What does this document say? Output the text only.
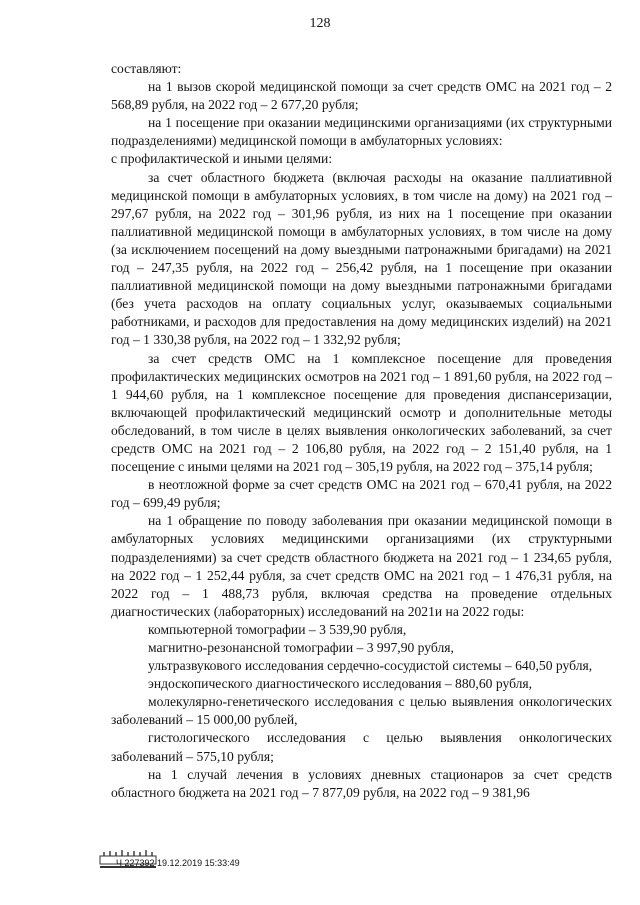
128

составляют:

на 1 вызов скорой медицинской помощи за счет средств ОМС на 2021 год – 2 568,89 рубля, на 2022 год – 2 677,20 рубля;

на 1 посещение при оказании медицинскими организациями (их структурными подразделениями) медицинской помощи в амбулаторных условиях:

с профилактической и иными целями:

за счет областного бюджета (включая расходы на оказание паллиативной медицинской помощи в амбулаторных условиях, в том числе на дому) на 2021 год – 297,67 рубля, на 2022 год – 301,96 рубля, из них на 1 посещение при оказании паллиативной медицинской помощи в амбулаторных условиях, в том числе на дому (за исключением посещений на дому выездными патронажными бригадами) на 2021 год – 247,35 рубля, на 2022 год – 256,42 рубля, на 1 посещение при оказании паллиативной медицинской помощи на дому выездными патронажными бригадами (без учета расходов на оплату социальных услуг, оказываемых социальными работниками, и расходов для предоставления на дому медицинских изделий) на 2021 год – 1 330,38 рубля, на 2022 год – 1 332,92 рубля;

за счет средств ОМС на 1 комплексное посещение для проведения профилактических медицинских осмотров на 2021 год – 1 891,60 рубля, на 2022 год – 1 944,60 рубля, на 1 комплексное посещение для проведения диспансеризации, включающей профилактический медицинский осмотр и дополнительные методы обследований, в том числе в целях выявления онкологических заболеваний, за счет средств ОМС на 2021 год – 2 106,80 рубля, на 2022 год – 2 151,40 рубля, на 1 посещение с иными целями на 2021 год – 305,19 рубля, на 2022 год – 375,14 рубля;

в неотложной форме за счет средств ОМС на 2021 год – 670,41 рубля, на 2022 год – 699,49 рубля;

на 1 обращение по поводу заболевания при оказании медицинской помощи в амбулаторных условиях медицинскими организациями (их структурными подразделениями) за счет средств областного бюджета на 2021 год – 1 234,65 рубля, на 2022 год – 1 252,44 рубля, за счет средств ОМС на 2021 год – 1 476,31 рубля, на 2022 год – 1 488,73 рубля, включая средства на проведение отдельных диагностических (лабораторных) исследований на 2021и на 2022 годы:

компьютерной томографии – 3 539,90 рубля,

магнитно-резонансной томографии – 3 997,90 рубля,

ультразвукового исследования сердечно-сосудистой системы – 640,50 рубля,

эндоскопического диагностического исследования – 880,60 рубля,

молекулярно-генетического исследования с целью выявления онкологических заболеваний – 15 000,00 рублей,

гистологического исследования с целью выявления онкологических заболеваний – 575,10 рубля;

на 1 случай лечения в условиях дневных стационаров за счет средств областного бюджета на 2021 год – 7 877,09 рубля, на 2022 год – 9 381,96

Ч 227392 19.12.2019 15:33:49
